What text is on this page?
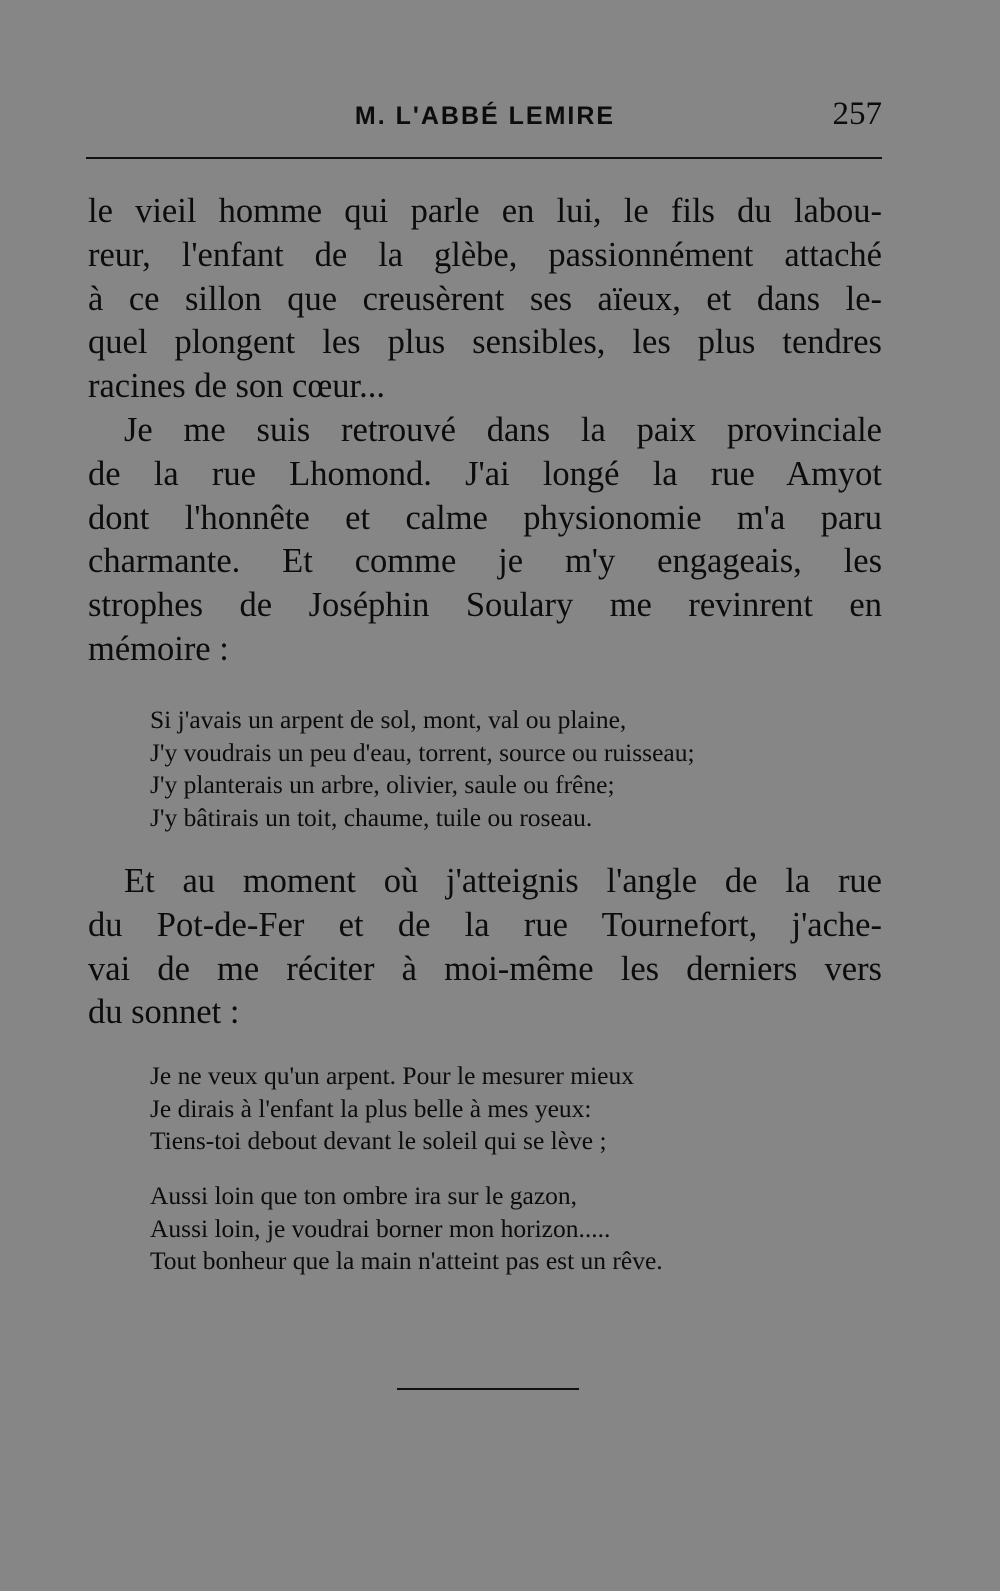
M. L'ABBÉ LEMIRE	257
le vieil homme qui parle en lui, le fils du labou-
reur, l'enfant de la glèbe, passionnément attaché
à ce sillon que creusèrent ses aïeux, et dans le-
quel plongent les plus sensibles, les plus tendres
racines de son cœur...
Je me suis retrouvé dans la paix provinciale
de la rue Lhomond. J'ai longé la rue Amyot
dont l'honnête et calme physionomie m'a paru
charmante. Et comme je m'y engageais, les
strophes de Joséphin Soulary me revinrent en
mémoire :
Si j'avais un arpent de sol, mont, val ou plaine,
J'y voudrais un peu d'eau, torrent, source ou ruisseau;
J'y planterais un arbre, olivier, saule ou frêne;
J'y bâtirais un toit, chaume, tuile ou roseau.
Et au moment où j'atteignis l'angle de la rue
du Pot-de-Fer et de la rue Tournefort, j'ache-
vai de me réciter à moi-même les derniers vers
du sonnet :
Je ne veux qu'un arpent. Pour le mesurer mieux
Je dirais à l'enfant la plus belle à mes yeux:
Tiens-toi debout devant le soleil qui se lève ;
Aussi loin que ton ombre ira sur le gazon,
Aussi loin, je voudrai borner mon horizon.....
Tout bonheur que la main n'atteint pas est un rêve.
